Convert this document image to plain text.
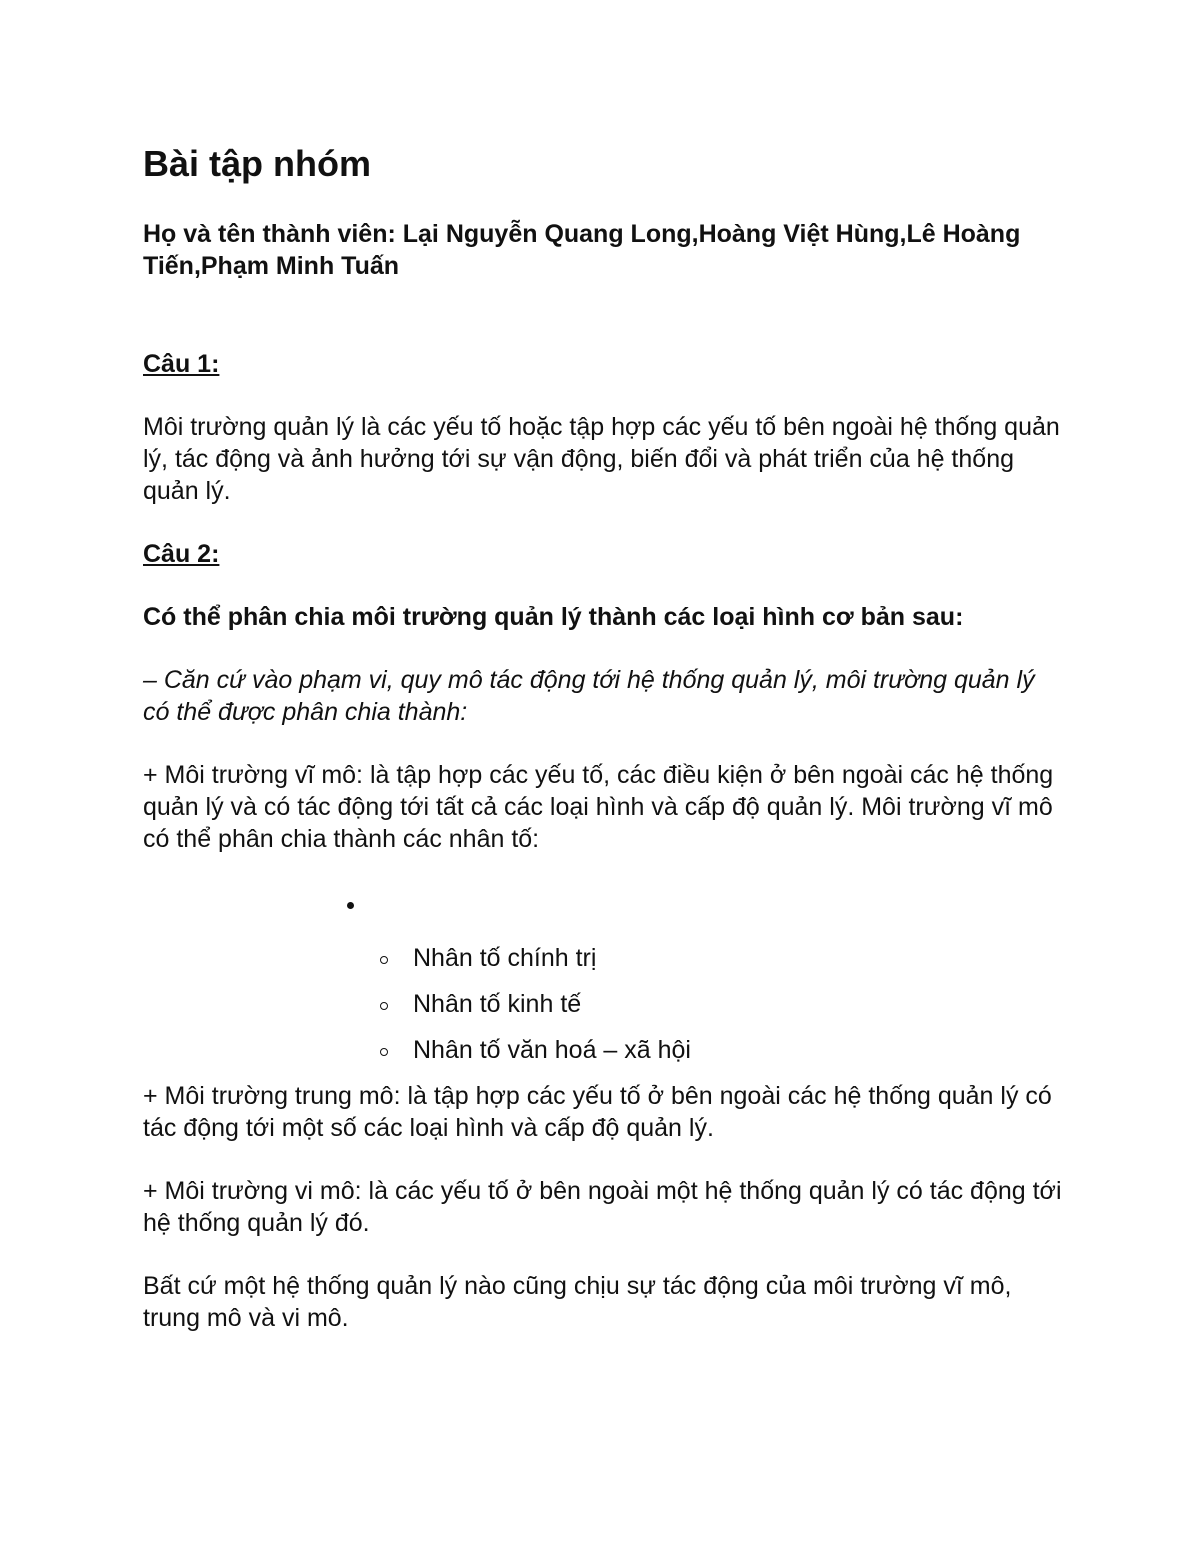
Bài tập nhóm
Họ và tên thành viên: Lại Nguyễn Quang Long,Hoàng Việt Hùng,Lê Hoàng Tiến,Phạm Minh Tuấn
Câu 1:
Môi trường quản lý là các yếu tố hoặc tập hợp các yếu tố bên ngoài hệ thống quản lý, tác động và ảnh hưởng tới sự vận động, biến đổi và phát triển của hệ thống quản lý.
Câu 2:
Có thể phân chia môi trường quản lý thành các loại hình cơ bản sau:
– Căn cứ vào phạm vi, quy mô tác động tới hệ thống quản lý, môi trường quản lý có thể được phân chia thành:
+ Môi trường vĩ mô: là tập hợp các yếu tố, các điều kiện ở bên ngoài các hệ thống quản lý và có tác động tới tất cả các loại hình và cấp độ quản lý. Môi trường vĩ mô có thể phân chia thành các nhân tố:
Nhân tố chính trị
Nhân tố kinh tế
Nhân tố văn hoá – xã hội
+ Môi trường trung mô: là tập hợp các yếu tố ở bên ngoài các hệ thống quản lý có tác động tới một số các loại hình và cấp độ quản lý.
+ Môi trường vi mô: là các yếu tố ở bên ngoài một hệ thống quản lý có tác động tới hệ thống quản lý đó.
Bất cứ một hệ thống quản lý nào cũng chịu sự tác động của môi trường vĩ mô, trung mô và vi mô.
